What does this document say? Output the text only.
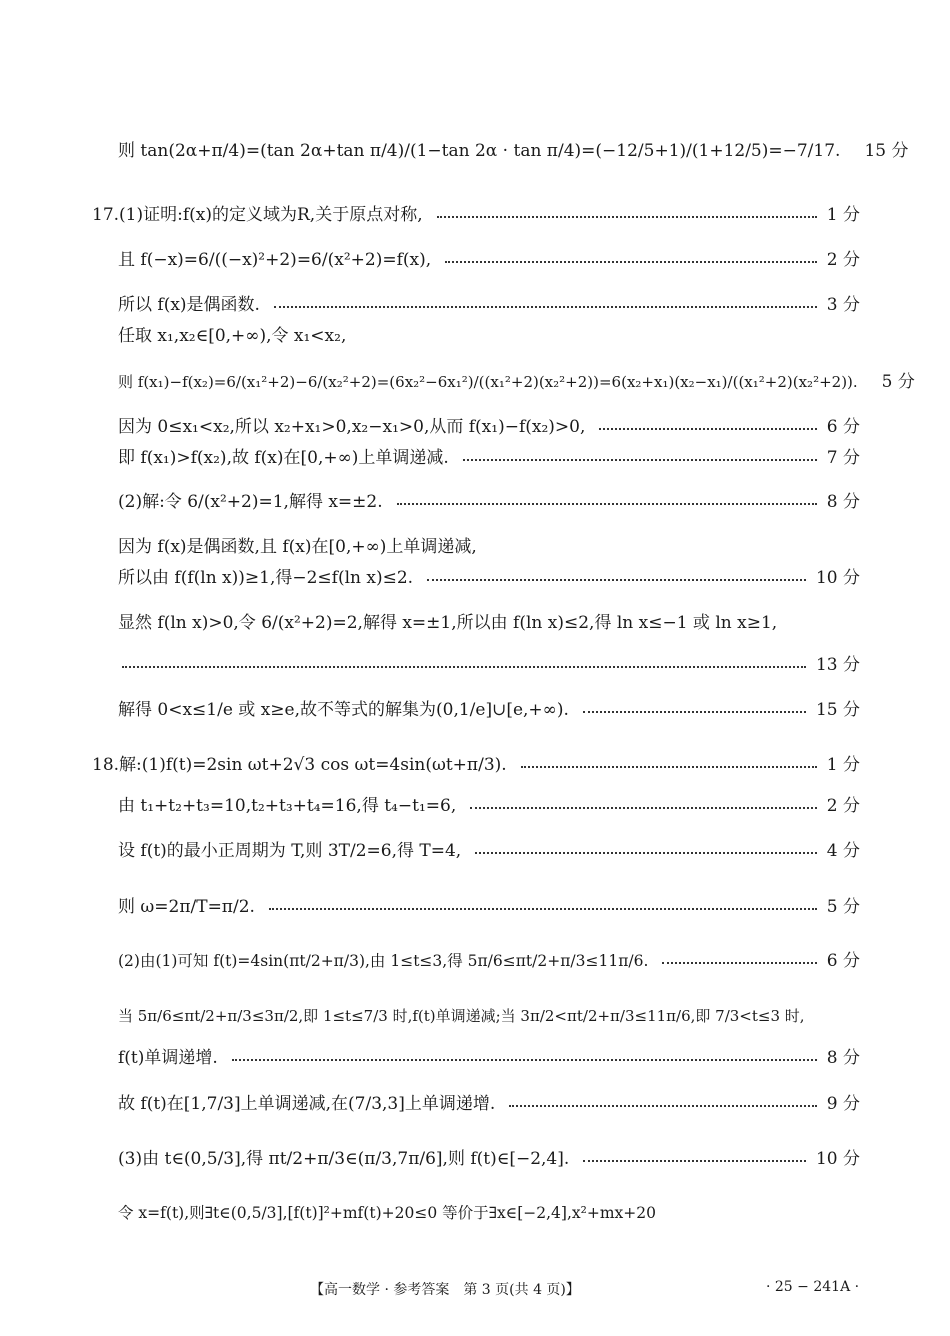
则 tan(2α+π/4)=(tan 2α+tan π/4)/(1−tan 2α · tan π/4)=(−12/5+1)/(1+12/5)=−7/17. 15 分
17.(1)证明:f(x)的定义域为R,关于原点对称,	1 分
且 f(−x)=6/((−x)²+2)=6/(x²+2)=f(x),	2 分
所以 f(x)是偶函数.	3 分
任取 x₁,x₂∈[0,+∞),令 x₁<x₂,
则 f(x₁)−f(x₂)=6/(x₁²+2)−6/(x₂²+2)=(6x₂²−6x₁²)/((x₁²+2)(x₂²+2))=6(x₂+x₁)(x₂−x₁)/((x₁²+2)(x₂²+2)). 5 分
因为 0≤x₁<x₂,所以 x₂+x₁>0,x₂−x₁>0,从而 f(x₁)−f(x₂)>0,	6 分
即 f(x₁)>f(x₂),故 f(x)在[0,+∞)上单调递减.	7 分
(2)解:令 6/(x²+2)=1,解得 x=±2.	8 分
因为 f(x)是偶函数,且 f(x)在[0,+∞)上单调递减,
所以由 f(f(ln x))≥1,得−2≤f(ln x)≤2.	10 分
显然 f(ln x)>0,令 6/(x²+2)=2,解得 x=±1,所以由 f(ln x)≤2,得 ln x≤−1 或 ln x≥1,
13 分
解得 0<x≤1/e 或 x≥e,故不等式的解集为(0,1/e]∪[e,+∞).	15 分
18.解:(1)f(t)=2sin ωt+2√3 cos ωt=4sin(ωt+π/3).	1 分
由 t₁+t₂+t₃=10,t₂+t₃+t₄=16,得 t₄−t₁=6,	2 分
设 f(t)的最小正周期为 T,则 3T/2=6,得 T=4,	4 分
则 ω=2π/T=π/2.	5 分
(2)由(1)可知 f(t)=4sin(πt/2+π/3),由 1≤t≤3,得 5π/6≤πt/2+π/3≤11π/6.	6 分
当 5π/6≤πt/2+π/3≤3π/2,即 1≤t≤7/3 时,f(t)单调递减;当 3π/2<πt/2+π/3≤11π/6,即 7/3<t≤3 时,
f(t)单调递增.	8 分
故 f(t)在[1,7/3]上单调递减,在(7/3,3]上单调递增.	9 分
(3)由 t∈(0,5/3],得 πt/2+π/3∈(π/3,7π/6],则 f(t)∈[−2,4].	10 分
令 x=f(t),则∃t∈(0,5/3],[f(t)]²+mf(t)+20≤0 等价于∃x∈[−2,4],x²+mx+20
【高一数学 · 参考答案　第 3 页(共 4 页)】	· 25 − 241A ·
